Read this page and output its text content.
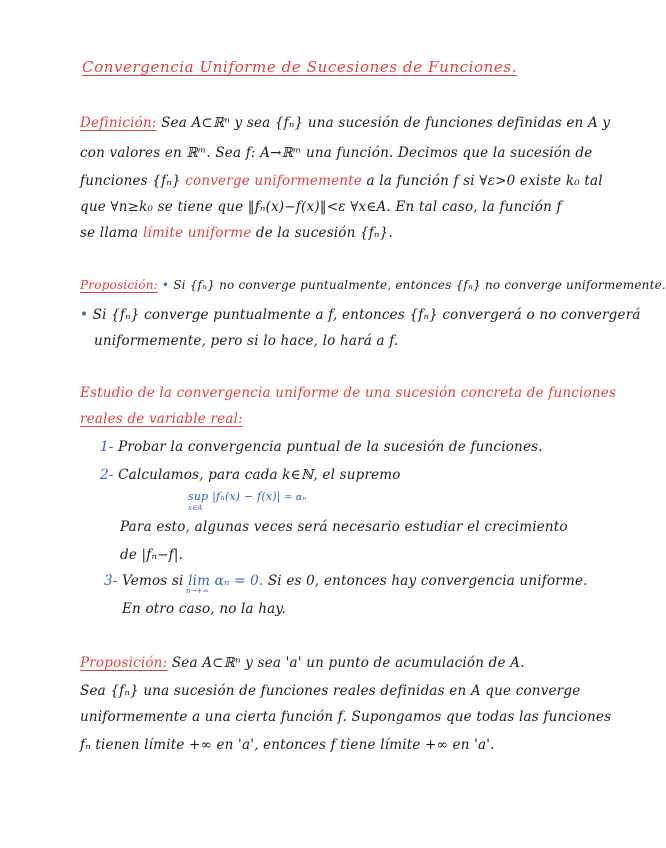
Convergencia Uniforme de Sucesiones de Funciones.
Definición: Sea A⊂ℝⁿ y sea {fₙ} una sucesión de funciones definidas en A y
con valores en ℝᵐ. Sea f: A→ℝᵐ una función. Decimos que la sucesión de
funciones {fₙ} converge uniformemente a la función f si ∀ε>0 existe k₀ tal
que ∀n≥k₀ se tiene que ‖fₙ(x)−f(x)‖<ε ∀x∈A. En tal caso, la función f
se llama límite uniforme de la sucesión {fₙ}.
Proposición: • Si {fₙ} no converge puntualmente, entonces {fₙ} no converge uniformemente.
• Si {fₙ} converge puntualmente a f, entonces {fₙ} convergerá o no convergerá
uniformemente, pero si lo hace, lo hará a f.
Estudio de la convergencia uniforme de una sucesión concreta de funciones
reales de variable real:
1- Probar la convergencia puntual de la sucesión de funciones.
2- Calculamos, para cada k∈ℕ, el supremo
sup |fₙ(x) − f(x)| = αₙ
x∈A
Para esto, algunas veces será necesario estudiar el crecimiento
de |fₙ−f|.
3- Vemos si lim αₙ = 0. Si es 0, entonces hay convergencia uniforme.
n→+∞
En otro caso, no la hay.
Proposición: Sea A⊂ℝⁿ y sea 'a' un punto de acumulación de A.
Sea {fₙ} una sucesión de funciones reales definidas en A que converge
uniformemente a una cierta función f. Supongamos que todas las funciones
fₙ tienen límite +∞ en 'a', entonces f tiene límite +∞ en 'a'.
